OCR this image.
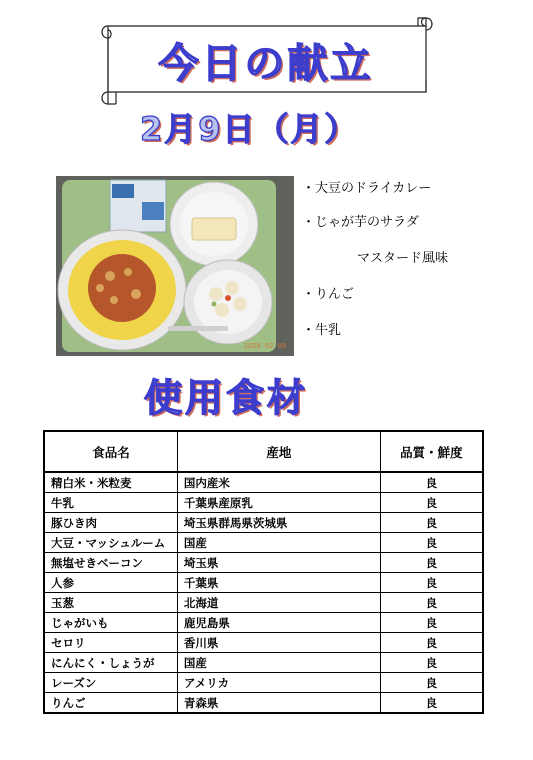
今日の献立
2月9日（月）
2026 02 09
・大豆のドライカレー
・じゃが芋のサラダ
マスタード風味
・りんご
・牛乳
使用食材
食品名	産地	品質・鮮度
精白米・米粒麦	国内産米	良
牛乳	千葉県産原乳	良
豚ひき肉	埼玉県群馬県茨城県	良
大豆・マッシュルーム	国産	良
無塩せきベーコン	埼玉県	良
人参	千葉県	良
玉葱	北海道	良
じゃがいも	鹿児島県	良
セロリ	香川県	良
にんにく・しょうが	国産	良
レーズン	アメリカ	良
りんご	青森県	良
